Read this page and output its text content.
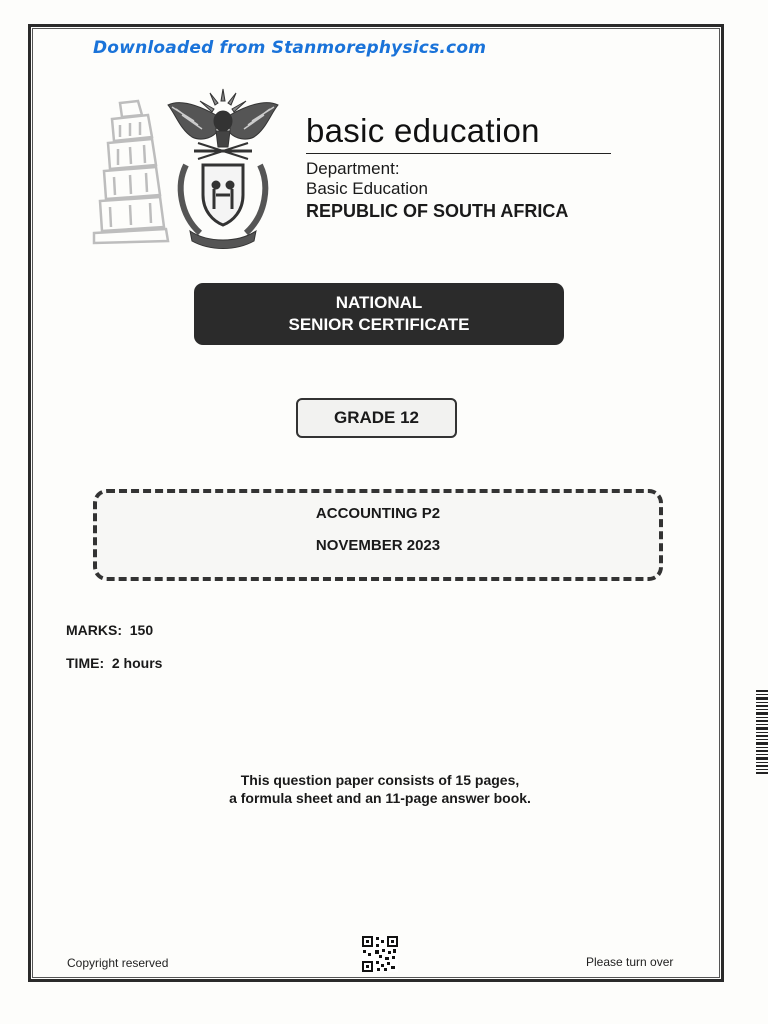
Downloaded from Stanmorephysics.com
basic education
Department:
Basic Education
REPUBLIC OF SOUTH AFRICA
NATIONAL
SENIOR CERTIFICATE
GRADE 12
ACCOUNTING P2
NOVEMBER 2023
MARKS:  150
TIME:  2 hours
This question paper consists of 15 pages,
a formula sheet and an 11-page answer book.
Copyright reserved	Please turn over
